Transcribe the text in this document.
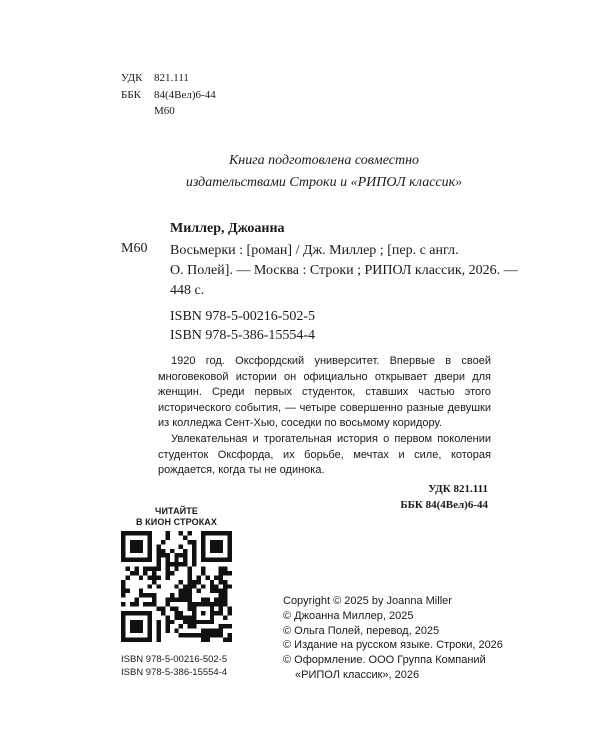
УДК	821.111
ББК	84(4Вел)6-44
М60
Книга подготовлена совместно
издательствами Строки и «РИПОЛ классик»
Миллер, Джоанна
М60 Восьмерки : [роман] / Дж. Миллер ; [пер. с англ.

О. Полей]. — Москва : Строки ; РИПОЛ классик, 2026. —

448 с.

ISBN 978-5-00216-502-5
ISBN 978-5-386-15554-4

1920 год. Оксфордский университет. Впервые в своей многовековой истории он официально открывает двери для женщин. Среди первых студенток, ставших частью этого исторического события, — четыре совершенно разные девушки из колледжа Сент-Хью, соседки по восьмому коридору.

Увлекательная и трогательная история о первом поколении студенток Оксфорда, их борьбе, мечтах и силе, которая рождается, когда ты не одинока.

УДК 821.111
ББК 84(4Вел)6-44
ЧИТАЙТЕ
В КИОН СТРОКАХ
ISBN 978-5-00216-502-5
ISBN 978-5-386-15554-4
Copyright © 2025 by Joanna Miller
© Джоанна Миллер, 2025
© Ольга Полей, перевод, 2025
© Издание на русском языке. Строки, 2026
© Оформление. ООО Группа Компаний
«РИПОЛ классик», 2026
